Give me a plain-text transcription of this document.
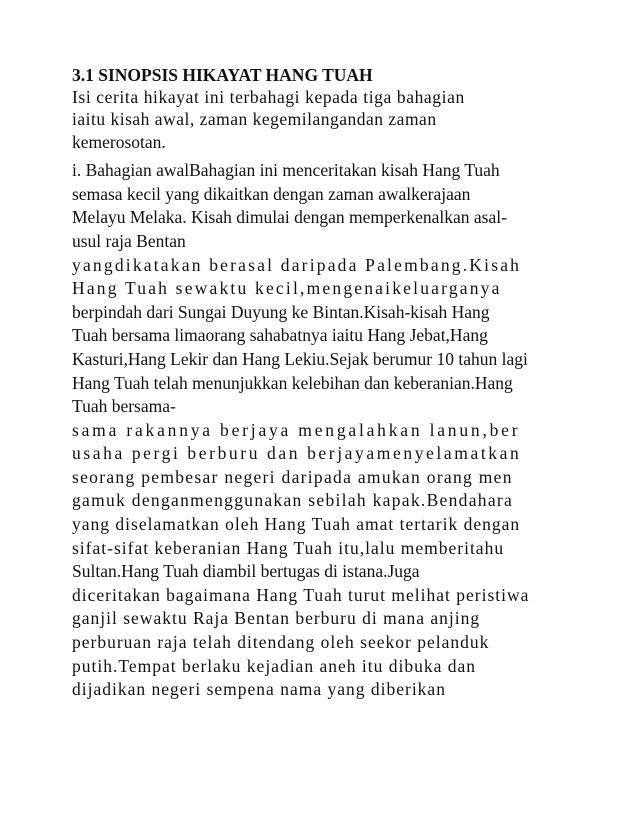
3.1 SINOPSIS HIKAYAT HANG TUAH
Isi cerita hikayat ini terbahagi kepada tiga bahagian
iaitu kisah awal, zaman kegemilangandan zaman
kemerosotan.
i. Bahagian awalBahagian ini menceritakan kisah Hang Tuah
semasa kecil yang dikaitkan dengan zaman awalkerajaan
Melayu Melaka. Kisah dimulai dengan memperkenalkan asal-
usul raja Bentan
yangdikatakan berasal daripada Palembang.Kisah
Hang Tuah sewaktu kecil,mengenaikeluarganya
berpindah dari Sungai Duyung ke Bintan.Kisah-kisah Hang
Tuah bersama limaorang sahabatnya iaitu Hang Jebat,Hang
Kasturi,Hang Lekir dan Hang Lekiu.Sejak berumur 10 tahun lagi
Hang Tuah telah menunjukkan kelebihan dan keberanian.Hang
Tuah bersama-
sama rakannya berjaya mengalahkan lanun,ber
usaha pergi berburu dan berjayamenyelamatkan
seorang pembesar negeri daripada amukan orang men
gamuk denganmenggunakan sebilah kapak.Bendahara
yang diselamatkan oleh Hang Tuah amat tertarik dengan
sifat-sifat keberanian Hang Tuah itu,lalu memberitahu
Sultan.Hang Tuah diambil bertugas di istana.Juga
diceritakan bagaimana Hang Tuah turut melihat peristiwa
ganjil sewaktu Raja Bentan berburu di mana anjing
perburuan raja telah ditendang oleh seekor pelanduk
putih.Tempat berlaku kejadian aneh itu dibuka dan
dijadikan negeri sempena nama yang diberikan
